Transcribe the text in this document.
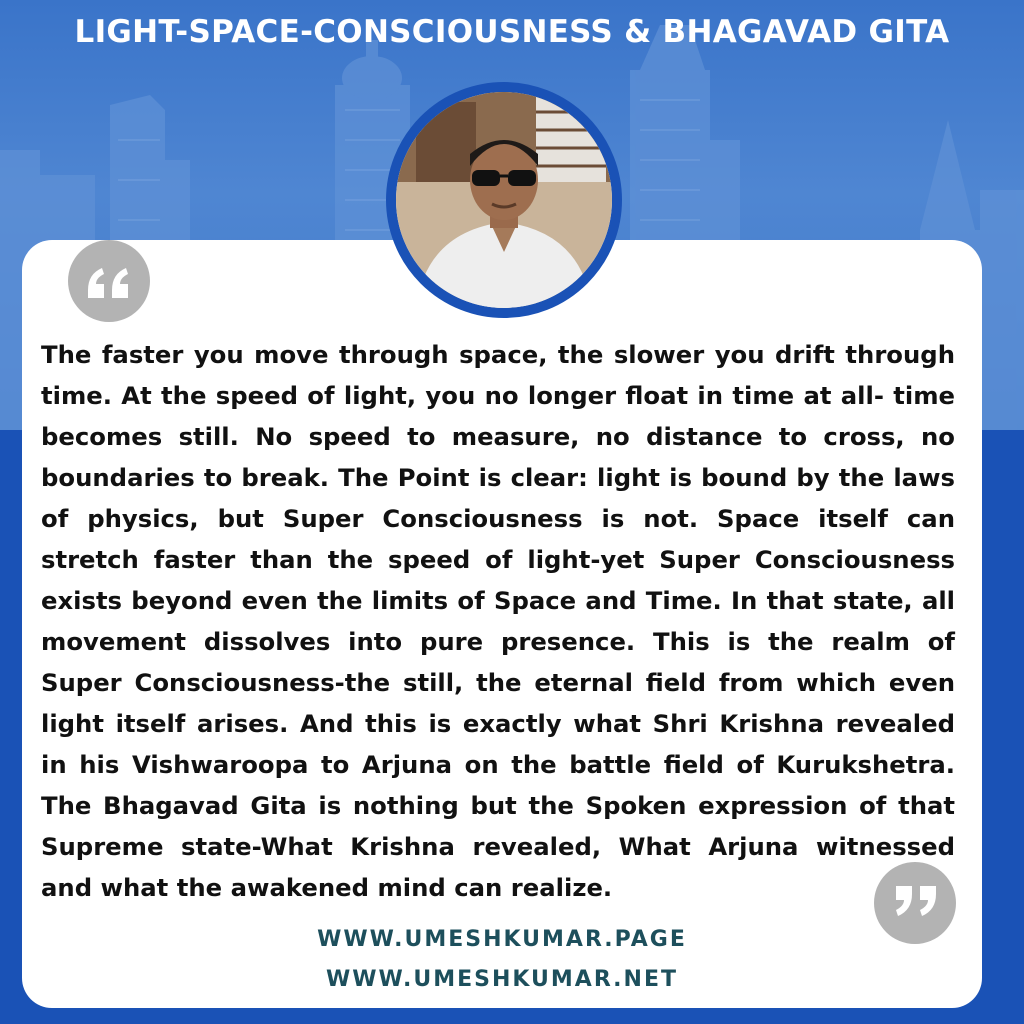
LIGHT-SPACE-CONSCIOUSNESS & BHAGAVAD GITA

The faster you move through space, the slower you drift through time. At the speed of light, you no longer float in time at all- time becomes still. No speed to measure, no distance to cross, no boundaries to break. The Point is clear: light is bound by the laws of physics, but Super Consciousness is not. Space itself can stretch faster than the speed of light-yet Super Consciousness exists beyond even the limits of Space and Time. In that state, all movement dissolves into pure presence. This is the realm of Super Consciousness-the still, the eternal field from which even light itself arises. And this is exactly what Shri Krishna revealed in his Vishwaroopa to Arjuna on the battle field of Kurukshetra. The Bhagavad Gita is nothing but the Spoken expression of that Supreme state-What Krishna revealed, What Arjuna witnessed and what the awakened mind can realize.

WWW.UMESHKUMAR.PAGE
WWW.UMESHKUMAR.NET
